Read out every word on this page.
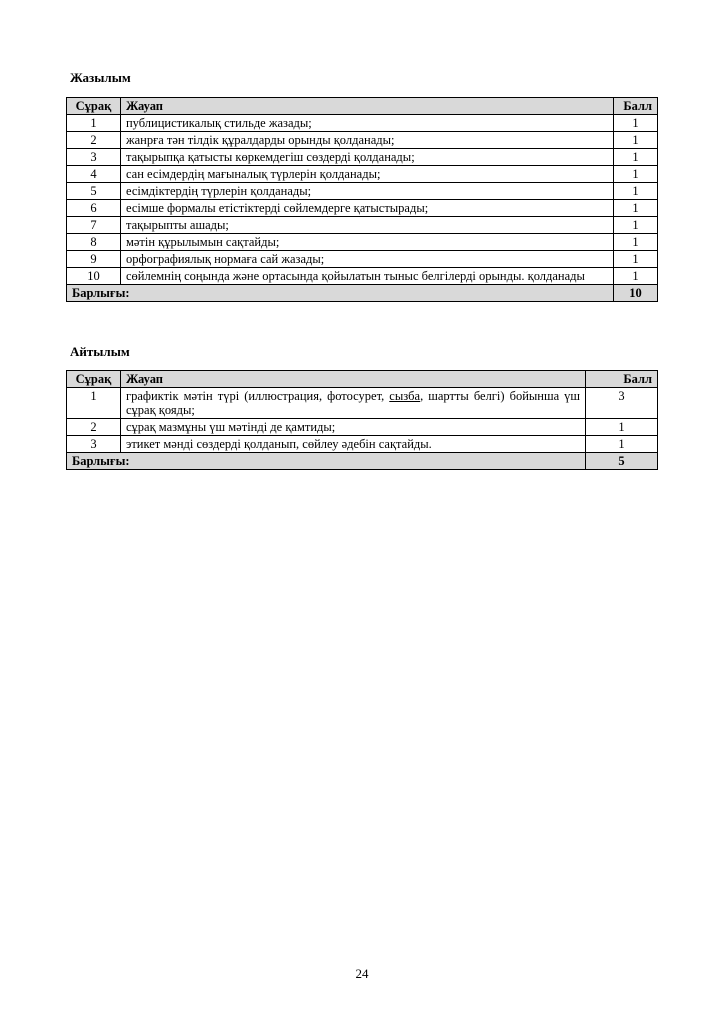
Жазылым
Сұрақ	Жауап	Балл
1	публицистикалық стильде жазады;	1
2	жанрға тән тілдік құралдарды орынды қолданады;	1
3	тақырыпқа қатысты көркемдегіш сөздерді қолданады;	1
4	сан есімдердің мағыналық түрлерін қолданады;	1
5	есімдіктердің түрлерін қолданады;	1
6	есімше формалы етістіктерді сөйлемдерге қатыстырады;	1
7	тақырыпты ашады;	1
8	мәтін құрылымын сақтайды;	1
9	орфографиялық нормаға сай жазады;	1
10	сөйлемнің соңында және ортасында қойылатын тыныс белгілерді орынды. қолданады	1
Барлығы:		10
Айтылым
Сұрақ	Жауап	Балл
1	графиктік мәтін түрі (иллюстрация, фотосурет, сызба, шартты белгі) бойынша үш сұрақ қояды;	3
2	сұрақ мазмұны үш мәтінді де қамтиды;	1
3	этикет мәнді сөздерді қолданып, сөйлеу әдебін сақтайды.	1
Барлығы:		5
24
